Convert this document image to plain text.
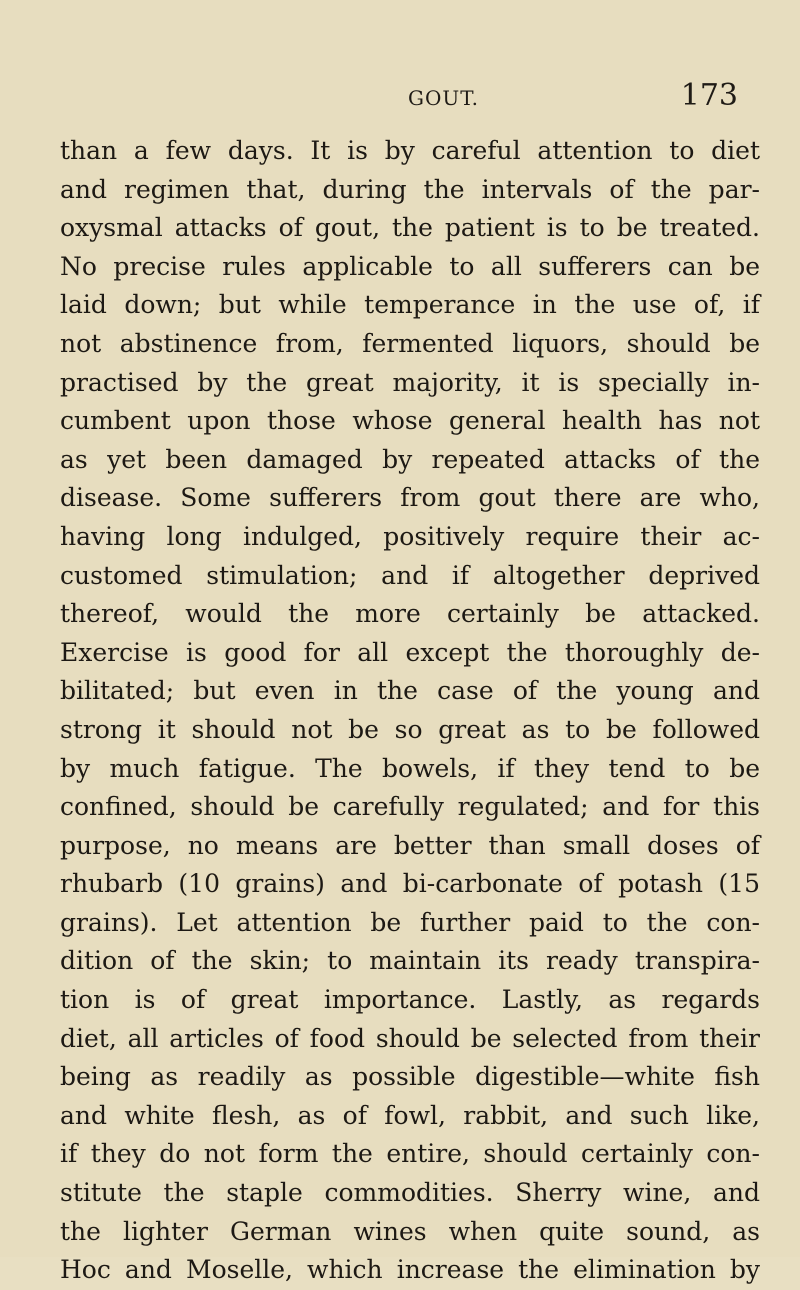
GOUT.	173
than a few days. It is by careful attention to diet
and regimen that, during the intervals of the par-
oxysmal attacks of gout, the patient is to be treated.
No precise rules applicable to all sufferers can be
laid down; but while temperance in the use of, if
not abstinence from, fermented liquors, should be
practised by the great majority, it is specially in-
cumbent upon those whose general health has not
as yet been damaged by repeated attacks of the
disease. Some sufferers from gout there are who,
having long indulged, positively require their ac-
customed stimulation; and if altogether deprived
thereof, would the more certainly be attacked.
Exercise is good for all except the thoroughly de-
bilitated; but even in the case of the young and
strong it should not be so great as to be followed
by much fatigue. The bowels, if they tend to be
confined, should be carefully regulated; and for this
purpose, no means are better than small doses of
rhubarb (10 grains) and bi-carbonate of potash (15
grains). Let attention be further paid to the con-
dition of the skin; to maintain its ready transpira-
tion is of great importance. Lastly, as regards
diet, all articles of food should be selected from their
being as readily as possible digestible—white fish
and white flesh, as of fowl, rabbit, and such like,
if they do not form the entire, should certainly con-
stitute the staple commodities. Sherry wine, and
the lighter German wines when quite sound, as
Hoc and Moselle, which increase the elimination by
